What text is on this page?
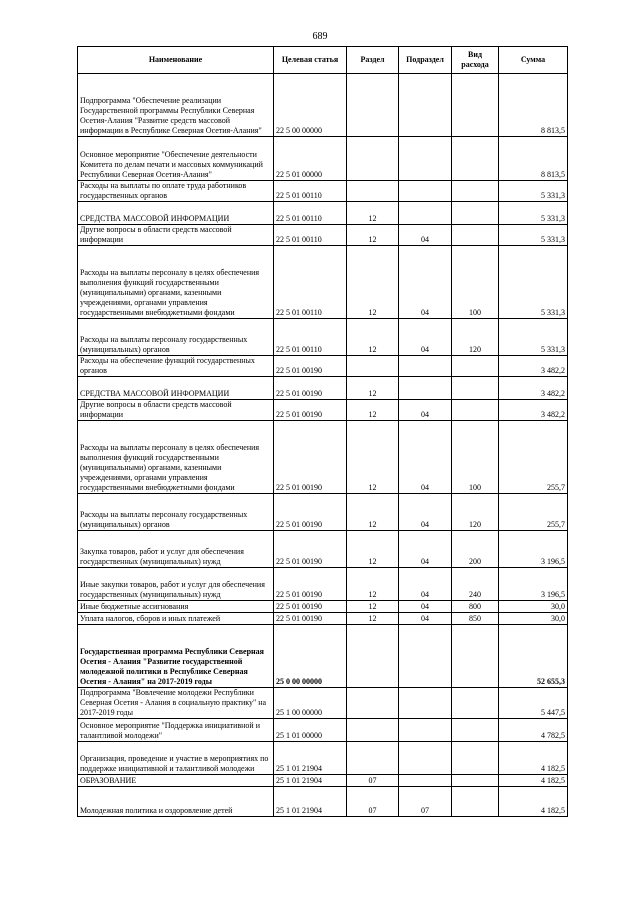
689
Наименование	Целевая статья	Раздел	Подраздел	Вид расхода	Сумма
Подпрограмма "Обеспечение реализации Государственной программы Республики Северная Осетия-Алания "Развитие средств массовой информации в Республике Северная Осетия-Алания"	22 5 00 00000				8 813,5
Основное мероприятие "Обеспечение деятельности Комитета по делам печати и массовых коммуникаций Республики Северная Осетия-Алания"	22 5 01 00000				8 813,5
Расходы на выплаты по оплате труда работников государственных органов	22 5 01 00110				5 331,3
СРЕДСТВА МАССОВОЙ ИНФОРМАЦИИ	22 5 01 00110	12			5 331,3
Другие вопросы в области средств массовой информации	22 5 01 00110	12	04		5 331,3
Расходы на выплаты персоналу в целях обеспечения выполнения функций государственными (муниципальными) органами, казенными учреждениями, органами управления государственными внебюджетными фондами	22 5 01 00110	12	04	100	5 331,3
Расходы на выплаты персоналу государственных (муниципальных) органов	22 5 01 00110	12	04	120	5 331,3
Расходы на обеспечение функций государственных органов	22 5 01 00190				3 482,2
СРЕДСТВА МАССОВОЙ ИНФОРМАЦИИ	22 5 01 00190	12			3 482,2
Другие вопросы в области средств массовой информации	22 5 01 00190	12	04		3 482,2
Расходы на выплаты персоналу в целях обеспечения выполнения функций государственными (муниципальными) органами, казенными учреждениями, органами управления государственными внебюджетными фондами	22 5 01 00190	12	04	100	255,7
Расходы на выплаты персоналу государственных (муниципальных) органов	22 5 01 00190	12	04	120	255,7
Закупка товаров, работ и услуг для обеспечения государственных (муниципальных) нужд	22 5 01 00190	12	04	200	3 196,5
Иные закупки товаров, работ и услуг для обеспечения государственных (муниципальных) нужд	22 5 01 00190	12	04	240	3 196,5
Иные бюджетные ассигнования	22 5 01 00190	12	04	800	30,0
Уплата налогов, сборов и иных платежей	22 5 01 00190	12	04	850	30,0
Государственная программа Республики Северная Осетия - Алания "Развитие государственной молодежной политики в Республике Северная Осетия - Алания" на 2017-2019 годы	25 0 00 00000				52 655,3
Подпрограмма "Вовлечение молодежи Республики Северная Осетия - Алания в социальную практику" на 2017-2019 годы	25 1 00 00000				5 447,5
Основное мероприятие "Поддержка инициативной и талантливой молодежи"	25 1 01 00000				4 782,5
Организация, проведение и участие в мероприятиях по поддержке инициативной и талантливой молодежи	25 1 01 21904				4 182,5
ОБРАЗОВАНИЕ	25 1 01 21904	07			4 182,5
Молодежная политика и оздоровление детей	25 1 01 21904	07	07		4 182,5
